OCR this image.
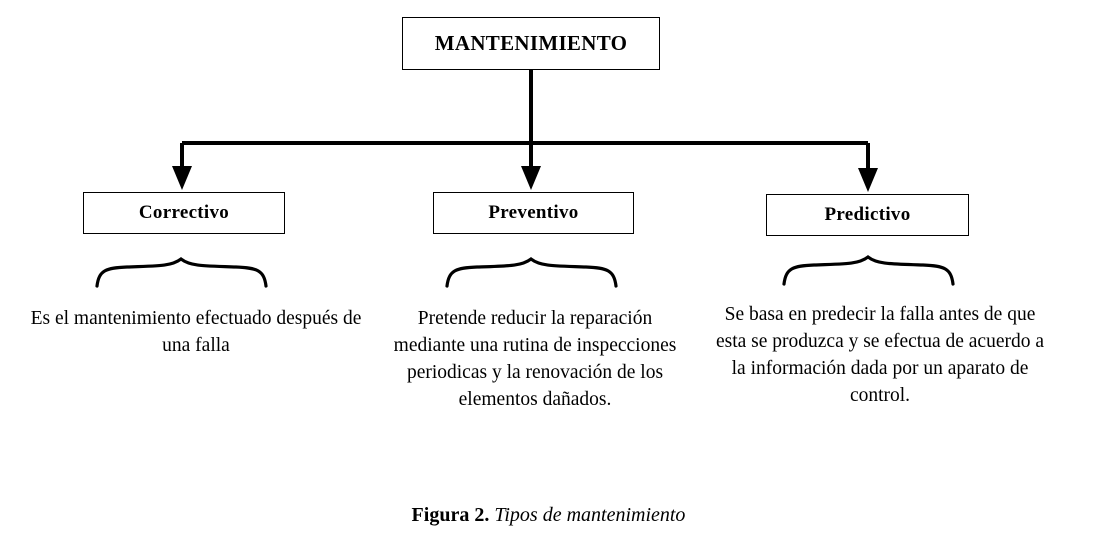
MANTENIMIENTO
Correctivo	Preventivo	Predictivo
Es el mantenimiento efectuado después de una falla
Pretende reducir la reparación mediante una rutina de inspecciones periodicas y la renovación de los elementos dañados.
Se basa en predecir la falla antes de que esta se produzca y se efectua de acuerdo a la información dada por un aparato de control.
Figura 2. Tipos de mantenimiento
